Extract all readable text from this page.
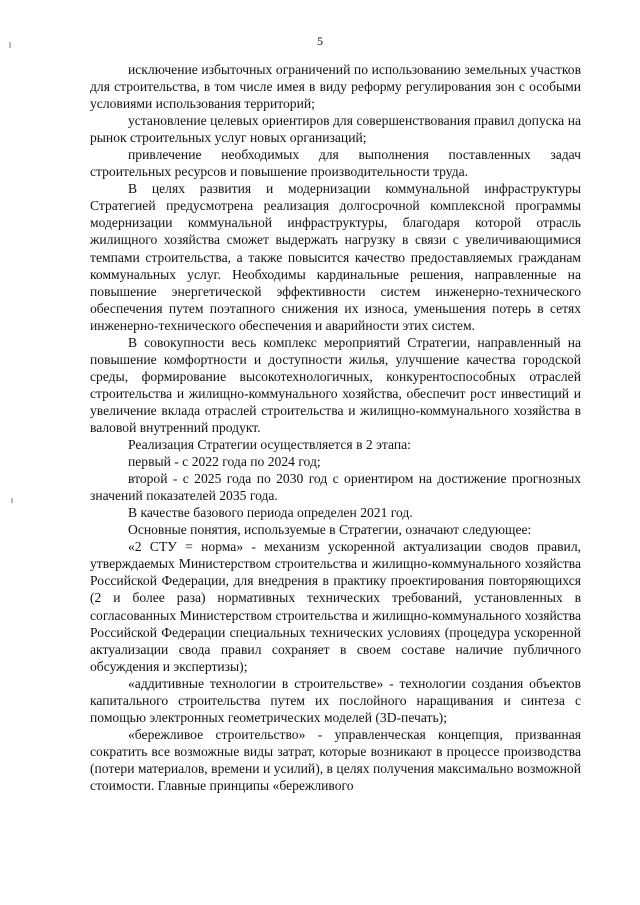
5

исключение избыточных ограничений по использованию земельных участков для строительства, в том числе имея в виду реформу регулирования зон с особыми условиями использования территорий;

установление целевых ориентиров для совершенствования правил допуска на рынок строительных услуг новых организаций;

привлечение необходимых для выполнения поставленных задач строительных ресурсов и повышение производительности труда.

В целях развития и модернизации коммунальной инфраструктуры Стратегией предусмотрена реализация долгосрочной комплексной программы модернизации коммунальной инфраструктуры, благодаря которой отрасль жилищного хозяйства сможет выдержать нагрузку в связи с увеличивающимися темпами строительства, а также повысится качество предоставляемых гражданам коммунальных услуг. Необходимы кардинальные решения, направленные на повышение энергетической эффективности систем инженерно-технического обеспечения путем поэтапного снижения их износа, уменьшения потерь в сетях инженерно-технического обеспечения и аварийности этих систем.

В совокупности весь комплекс мероприятий Стратегии, направленный на повышение комфортности и доступности жилья, улучшение качества городской среды, формирование высокотехнологичных, конкурентоспособных отраслей строительства и жилищно-коммунального хозяйства, обеспечит рост инвестиций и увеличение вклада отраслей строительства и жилищно-коммунального хозяйства в валовой внутренний продукт.

Реализация Стратегии осуществляется в 2 этапа:

первый - с 2022 года по 2024 год;

второй - с 2025 года по 2030 год с ориентиром на достижение прогнозных значений показателей 2035 года.

В качестве базового периода определен 2021 год.

Основные понятия, используемые в Стратегии, означают следующее:

«2 СТУ = норма» - механизм ускоренной актуализации сводов правил, утверждаемых Министерством строительства и жилищно-коммунального хозяйства Российской Федерации, для внедрения в практику проектирования повторяющихся (2 и более раза) нормативных технических требований, установленных в согласованных Министерством строительства и жилищно-коммунального хозяйства Российской Федерации специальных технических условиях (процедура ускоренной актуализации свода правил сохраняет в своем составе наличие публичного обсуждения и экспертизы);

«аддитивные технологии в строительстве» - технологии создания объектов капитального строительства путем их послойного наращивания и синтеза с помощью электронных геометрических моделей (3D-печать);

«бережливое строительство» - управленческая концепция, призванная сократить все возможные виды затрат, которые возникают в процессе производства (потери материалов, времени и усилий), в целях получения максимально возможной стоимости. Главные принципы «бережливого
